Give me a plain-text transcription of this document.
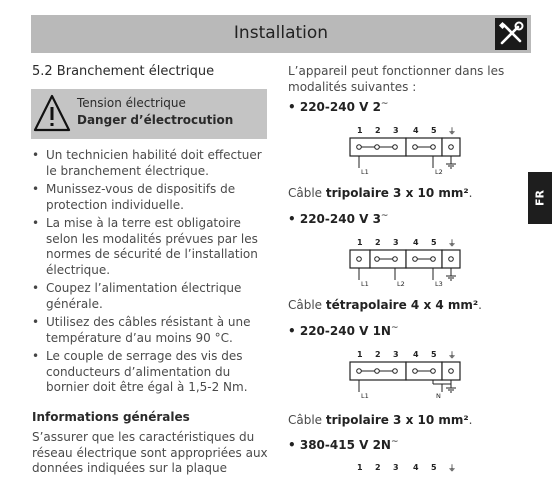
Installation
FR
5.2 Branchement électrique
Tension électrique
Danger d’électrocution
• Un technicien habilité doit effectuer le branchement électrique.
• Munissez-vous de dispositifs de protection individuelle.
• La mise à la terre est obligatoire selon les modalités prévues par les normes de sécurité de l’installation électrique.
• Coupez l’alimentation électrique générale.
• Utilisez des câbles résistant à une température d’au moins 90 °C.
• Le couple de serrage des vis des conducteurs d’alimentation du bornier doit être égal à 1,5-2 Nm.
Informations générales
S’assurer que les caractéristiques du réseau électrique sont appropriées aux données indiquées sur la plaque

L’appareil peut fonctionner dans les modalités suivantes :

• 220-240 V 2~
1 2 3 4 5 ⏚
L1	L2
Câble tripolaire 3 x 10 mm².
• 220-240 V 3~
1 2 3 4 5 ⏚
L1	L2	L3
Câble tétrapolaire 4 x 4 mm².
• 220-240 V 1N~
1 2 3 4 5 ⏚
L1	N
Câble tripolaire 3 x 10 mm².
• 380-415 V 2N~
1 2 3 4 5 ⏚
